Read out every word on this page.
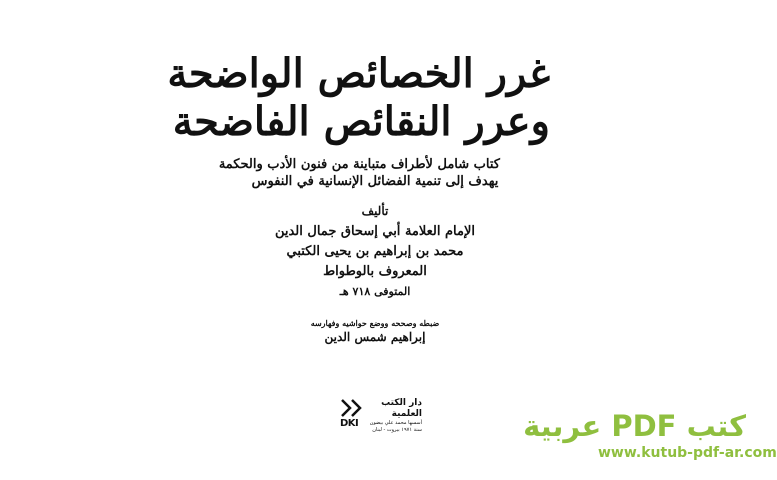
غرر الخصائص الواضحة
وعرر النقائص الفاضحة
كتاب شامل لأطراف متباينة من فنون الأدب والحكمة
يهدف إلى تنمية الفضائل الإنسانية في النفوس
تأليف
الإمام العلامة أبي إسحاق جمال الدين
محمد بن إبراهيم بن يحيى الكتبي
المعروف بالوطواط
المتوفى ٧١٨ هـ
ضبطه وصححه ووضع حواشيه وفهارسه
إبراهيم شمس الدين
DKI
دار الكتب العلمية
أسسها محمد علي بيضون
سنة ١٩٧١ بيروت - لبنان	كتب PDF عربية
www.kutub-pdf-ar.com
